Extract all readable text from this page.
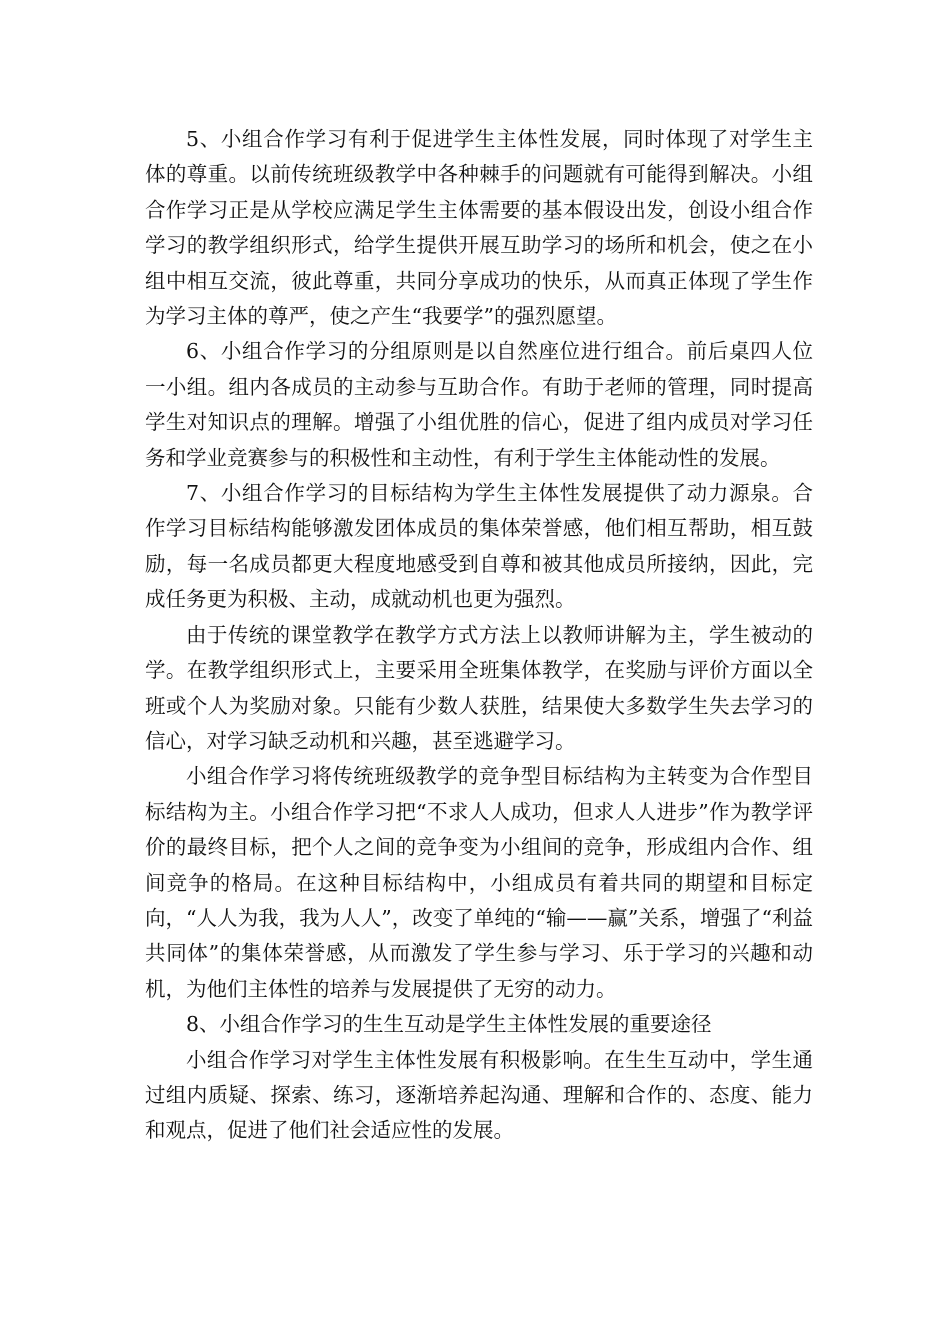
5、小组合作学习有利于促进学生主体性发展，同时体现了对学生主体的尊重。以前传统班级教学中各种棘手的问题就有可能得到解决。小组合作学习正是从学校应满足学生主体需要的基本假设出发，创设小组合作学习的教学组织形式，给学生提供开展互助学习的场所和机会，使之在小组中相互交流，彼此尊重，共同分享成功的快乐，从而真正体现了学生作为学习主体的尊严，使之产生“我要学”的强烈愿望。

6、小组合作学习的分组原则是以自然座位进行组合。前后桌四人位一小组。组内各成员的主动参与互助合作。有助于老师的管理，同时提高学生对知识点的理解。增强了小组优胜的信心，促进了组内成员对学习任务和学业竞赛参与的积极性和主动性，有利于学生主体能动性的发展。

7、小组合作学习的目标结构为学生主体性发展提供了动力源泉。合作学习目标结构能够激发团体成员的集体荣誉感，他们相互帮助，相互鼓励，每一名成员都更大程度地感受到自尊和被其他成员所接纳，因此，完成任务更为积极、主动，成就动机也更为强烈。

由于传统的课堂教学在教学方式方法上以教师讲解为主，学生被动的学。在教学组织形式上，主要采用全班集体教学，在奖励与评价方面以全班或个人为奖励对象。只能有少数人获胜，结果使大多数学生失去学习的信心，对学习缺乏动机和兴趣，甚至逃避学习。

小组合作学习将传统班级教学的竞争型目标结构为主转变为合作型目标结构为主。小组合作学习把“不求人人成功，但求人人进步”作为教学评价的最终目标，把个人之间的竞争变为小组间的竞争，形成组内合作、组间竞争的格局。在这种目标结构中，小组成员有着共同的期望和目标定向，“人人为我，我为人人”，改变了单纯的“输——赢”关系，增强了“利益共同体”的集体荣誉感，从而激发了学生参与学习、乐于学习的兴趣和动机，为他们主体性的培养与发展提供了无穷的动力。

8、小组合作学习的生生互动是学生主体性发展的重要途径

小组合作学习对学生主体性发展有积极影响。在生生互动中，学生通过组内质疑、探索、练习，逐渐培养起沟通、理解和合作的、态度、能力和观点，促进了他们社会适应性的发展。
